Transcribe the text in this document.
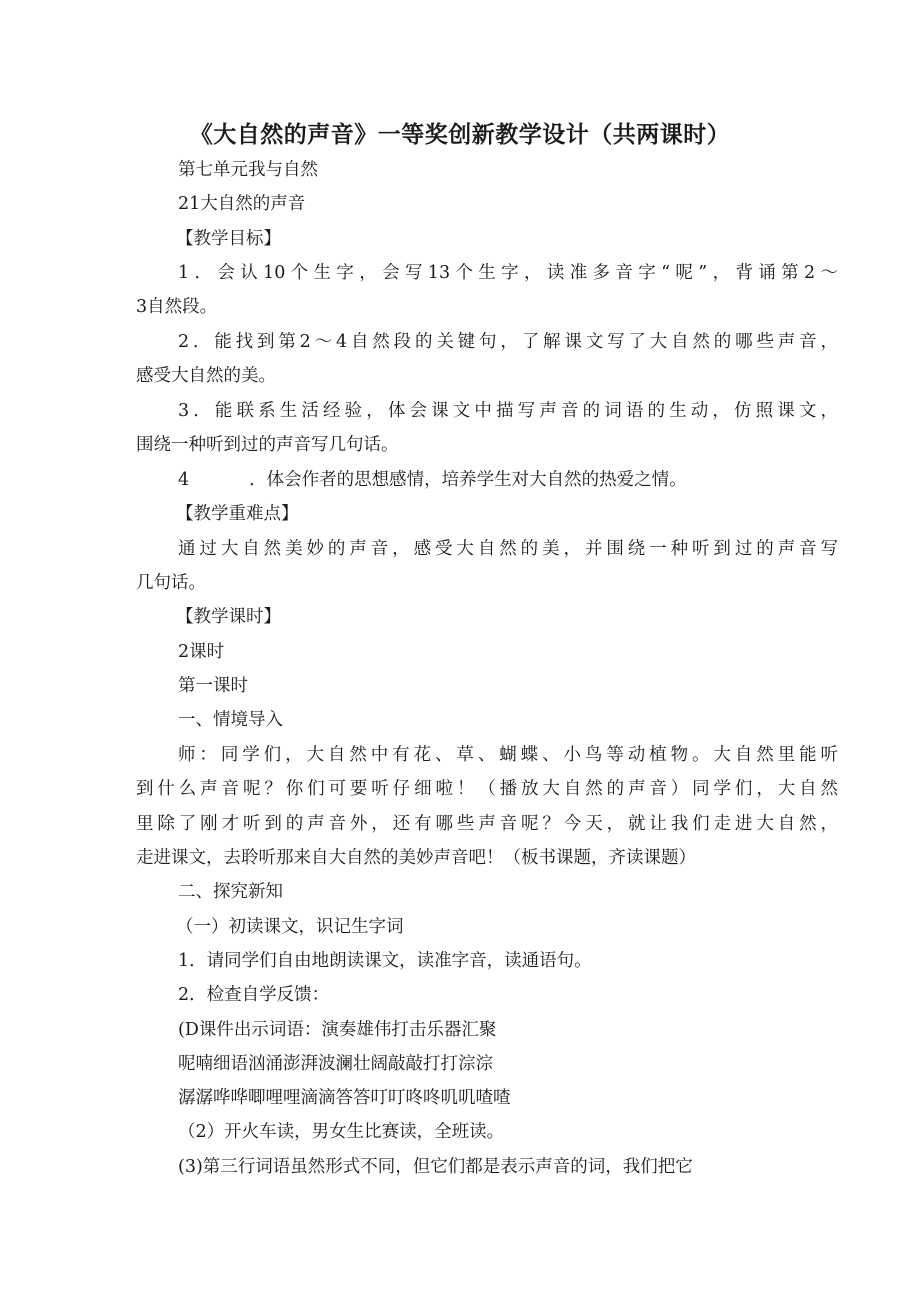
《大自然的声音》一等奖创新教学设计（共两课时）
第七单元我与自然
21大自然的声音
【教学目标】
1．会认10个生字，会写13个生字，读准多音字“呢”，背诵第2～
3自然段。
2．能找到第2～4自然段的关键句，了解课文写了大自然的哪些声音，
感受大自然的美。
3．能联系生活经验，体会课文中描写声音的词语的生动，仿照课文，
围绕一种听到过的声音写几句话。
4	．体会作者的思想感情，培养学生对大自然的热爱之情。
【教学重难点】
通过大自然美妙的声音，感受大自然的美，并围绕一种听到过的声音写
几句话。
【教学课时】
2课时
第一课时
一、情境导入
师：同学们，大自然中有花、草、蝴蝶、小鸟等动植物。大自然里能听
到什么声音呢？你们可要听仔细啦！（播放大自然的声音）同学们，大自然
里除了刚才听到的声音外，还有哪些声音呢？今天，就让我们走进大自然，
走进课文，去聆听那来自大自然的美妙声音吧！（板书课题，齐读课题）
二、探究新知
（一）初读课文，识记生字词
1．请同学们自由地朗读课文，读准字音，读通语句。
2．检查自学反馈：
(D课件出示词语：演奏雄伟打击乐器汇聚
呢喃细语汹涌澎湃波澜壮阔敲敲打打淙淙
潺潺哗哗唧哩哩滴滴答答叮叮咚咚叽叽喳喳
（2）开火车读，男女生比赛读，全班读。
(3)第三行词语虽然形式不同，但它们都是表示声音的词，我们把它
